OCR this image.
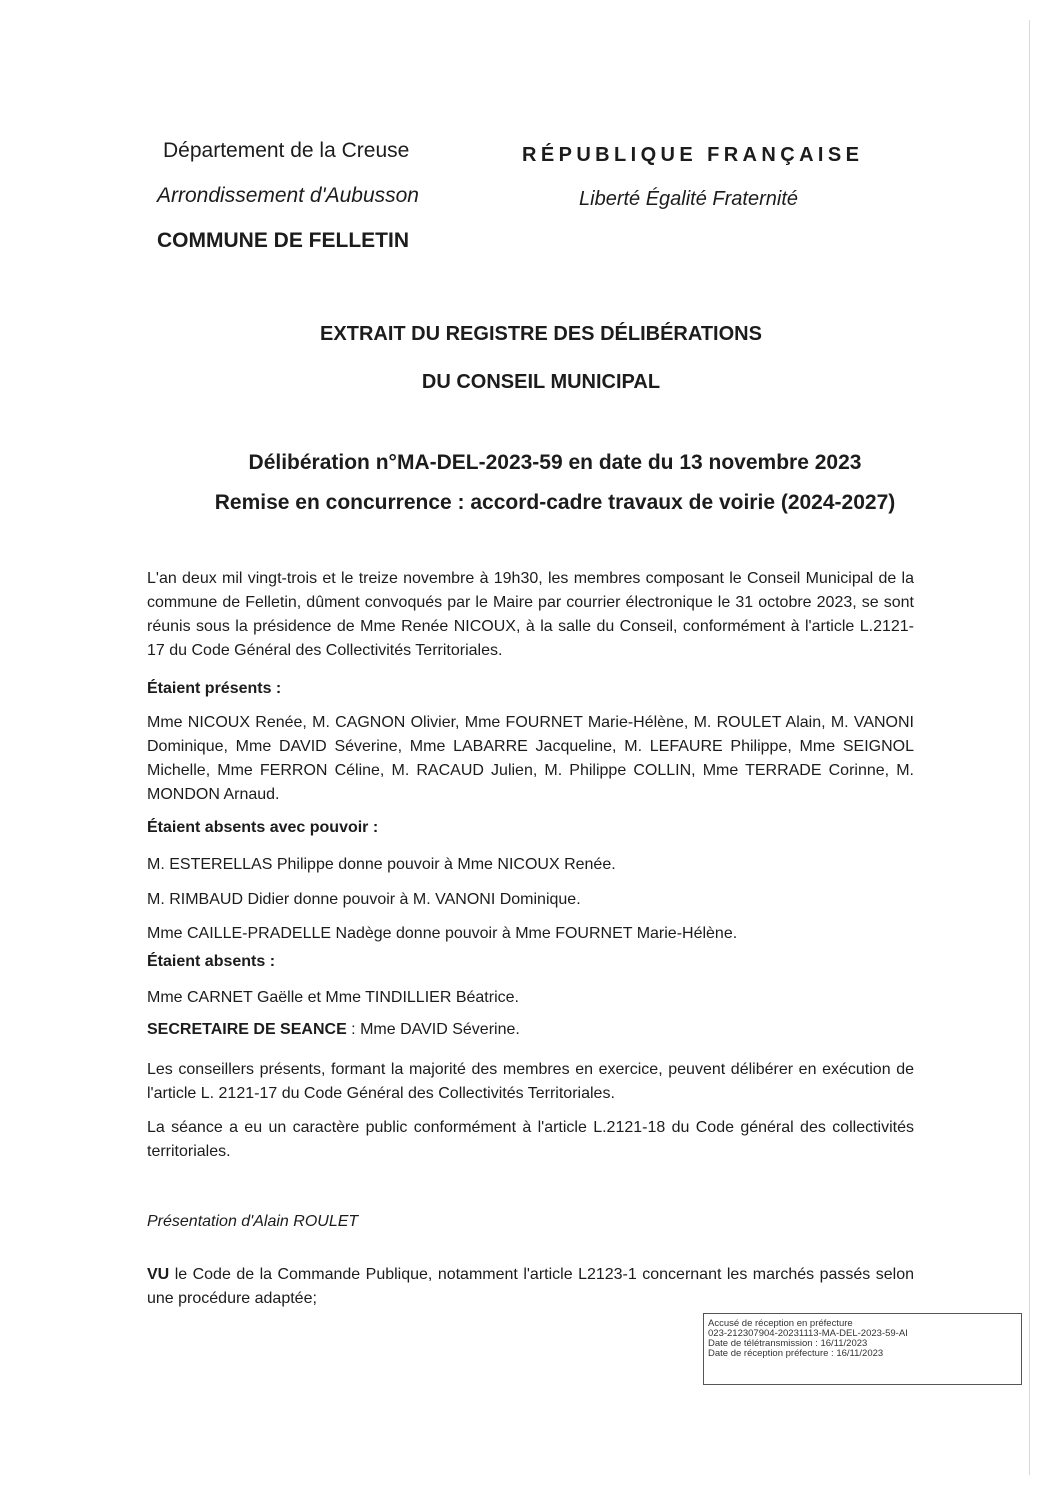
Département de la Creuse
Arrondissement d'Aubusson
COMMUNE DE FELLETIN
RÉPUBLIQUE FRANÇAISE
Liberté Égalité Fraternité
EXTRAIT DU REGISTRE DES DÉLIBÉRATIONS
DU CONSEIL MUNICIPAL
Délibération n°MA-DEL-2023-59 en date du 13 novembre 2023
Remise en concurrence : accord-cadre travaux de voirie (2024-2027)

L'an deux mil vingt-trois et le treize novembre à 19h30, les membres composant le Conseil Municipal de la commune de Felletin, dûment convoqués par le Maire par courrier électronique le 31 octobre 2023, se sont réunis sous la présidence de Mme Renée NICOUX, à la salle du Conseil, conformément à l'article L.2121-17 du Code Général des Collectivités Territoriales.

Étaient présents :

Mme NICOUX Renée, M. CAGNON Olivier, Mme FOURNET Marie-Hélène, M. ROULET Alain, M. VANONI Dominique, Mme DAVID Séverine, Mme LABARRE Jacqueline, M. LEFAURE Philippe, Mme SEIGNOL Michelle, Mme FERRON Céline, M. RACAUD Julien, M. Philippe COLLIN, Mme TERRADE Corinne, M. MONDON Arnaud.

Étaient absents avec pouvoir :
M. ESTERELLAS Philippe donne pouvoir à Mme NICOUX Renée.
M. RIMBAUD Didier donne pouvoir à M. VANONI Dominique.
Mme CAILLE-PRADELLE Nadège donne pouvoir à Mme FOURNET Marie-Hélène.
Étaient absents :
Mme CARNET Gaëlle et Mme TINDILLIER Béatrice.
SECRETAIRE DE SEANCE : Mme DAVID Séverine.

Les conseillers présents, formant la majorité des membres en exercice, peuvent délibérer en exécution de l'article L. 2121-17 du Code Général des Collectivités Territoriales.

La séance a eu un caractère public conformément à l'article L.2121-18 du Code général des collectivités territoriales.

Présentation d'Alain ROULET

VU le Code de la Commande Publique, notamment l'article L2123-1 concernant les marchés passés selon une procédure adaptée;

Accusé de réception en préfecture
023-212307904-20231113-MA-DEL-2023-59-AI
Date de télétransmission : 16/11/2023
Date de réception préfecture : 16/11/2023
